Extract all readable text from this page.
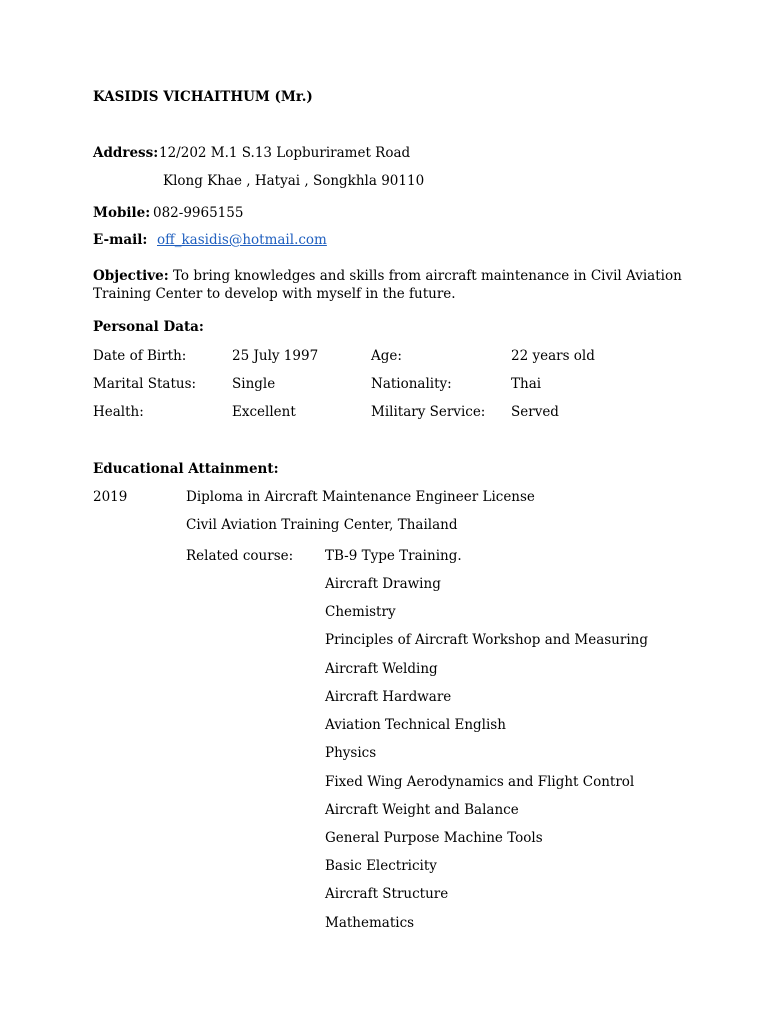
KASIDIS VICHAITHUM (Mr.)
Address: 12/202 M.1 S.13 Lopburiramet Road
Klong Khae , Hatyai , Songkhla 90110
Mobile: 082-9965155
E-mail: off_kasidis@hotmail.com
Objective: To bring knowledges and skills from aircraft maintenance in Civil Aviation Training Center to develop with myself in the future.
Personal Data:
Date of Birth:	25 July 1997	Age:	22 years old
Marital Status:	Single	Nationality:	Thai
Health:	Excellent	Military Service: Served
Educational Attainment:
2019	Diploma in Aircraft Maintenance Engineer License
Civil Aviation Training Center, Thailand
Related course: TB-9 Type Training.
Aircraft Drawing
Chemistry
Principles of Aircraft Workshop and Measuring
Aircraft Welding
Aircraft Hardware
Aviation Technical English
Physics
Fixed Wing Aerodynamics and Flight Control
Aircraft Weight and Balance
General Purpose Machine Tools
Basic Electricity
Aircraft Structure
Mathematics
